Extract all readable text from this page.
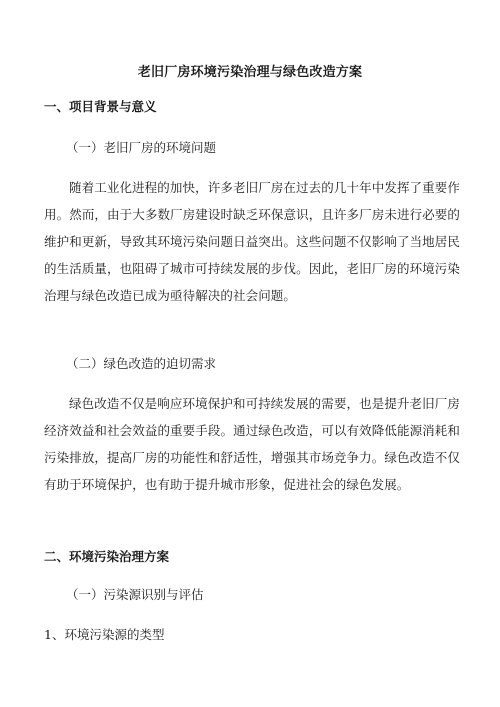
老旧厂房环境污染治理与绿色改造方案
一、项目背景与意义
（一）老旧厂房的环境问题
随着工业化进程的加快，许多老旧厂房在过去的几十年中发挥了重要作用。然而，由于大多数厂房建设时缺乏环保意识，且许多厂房未进行必要的维护和更新，导致其环境污染问题日益突出。这些问题不仅影响了当地居民的生活质量，也阻碍了城市可持续发展的步伐。因此，老旧厂房的环境污染治理与绿色改造已成为亟待解决的社会问题。
（二）绿色改造的迫切需求
绿色改造不仅是响应环境保护和可持续发展的需要，也是提升老旧厂房经济效益和社会效益的重要手段。通过绿色改造，可以有效降低能源消耗和污染排放，提高厂房的功能性和舒适性，增强其市场竞争力。绿色改造不仅有助于环境保护，也有助于提升城市形象，促进社会的绿色发展。
二、环境污染治理方案
（一）污染源识别与评估
1、环境污染源的类型
